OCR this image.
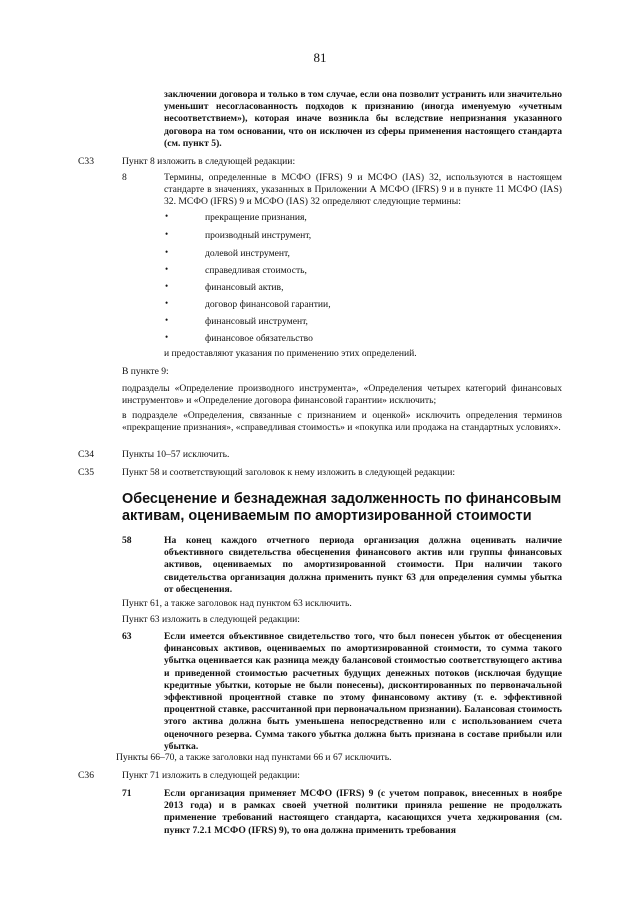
81
заключении договора и только в том случае, если она позволит устранить или значительно уменьшит несогласованность подходов к признанию (иногда именуемую «учетным несоответствием»), которая иначе возникла бы вследствие непризнания указанного договора на том основании, что он исключен из сферы применения настоящего стандарта (см. пункт 5).
C33	Пункт 8 изложить в следующей редакции:
8	Термины, определенные в МСФО (IFRS) 9 и МСФО (IAS) 32, используются в настоящем стандарте в значениях, указанных в Приложении А МСФО (IFRS) 9 и в пункте 11 МСФО (IAS) 32. МСФО (IFRS) 9 и МСФО (IAS) 32 определяют следующие термины:
•	прекращение признания,
•	производный инструмент,
•	долевой инструмент,
•	справедливая стоимость,
•	финансовый актив,
•	договор финансовой гарантии,
•	финансовый инструмент,
•	финансовое обязательство
и предоставляют указания по применению этих определений.
В пункте 9:
подразделы «Определение производного инструмента», «Определения четырех категорий финансовых инструментов» и «Определение договора финансовой гарантии» исключить;
в подразделе «Определения, связанные с признанием и оценкой» исключить определения терминов «прекращение признания», «справедливая стоимость» и «покупка или продажа на стандартных условиях».
C34	Пункты 10–57 исключить.
C35	Пункт 58 и соответствующий заголовок к нему изложить в следующей редакции:
Обесценение и безнадежная задолженность по финансовым
активам, оцениваемым по амортизированной стоимости
58	На конец каждого отчетного периода организация должна оценивать наличие объективного свидетельства обесценения финансового актив или группы финансовых активов, оцениваемых по амортизированной стоимости. При наличии такого свидетельства организация должна применить пункт 63 для определения суммы убытка от обесценения.
Пункт 61, а также заголовок над пунктом 63 исключить.
Пункт 63 изложить в следующей редакции:
63	Если имеется объективное свидетельство того, что был понесен убыток от обесценения финансовых активов, оцениваемых по амортизированной стоимости, то сумма такого убытка оценивается как разница между балансовой стоимостью соответствующего актива и приведенной стоимостью расчетных будущих денежных потоков (исключая будущие кредитные убытки, которые не были понесены), дисконтированных по первоначальной эффективной процентной ставке по этому финансовому активу (т. е. эффективной процентной ставке, рассчитанной при первоначальном признании). Балансовая стоимость этого актива должна быть уменьшена непосредственно или с использованием счета оценочного резерва. Сумма такого убытка должна быть признана в составе прибыли или убытка.
Пункты 66–70, а также заголовки над пунктами 66 и 67 исключить.
C36	Пункт 71 изложить в следующей редакции:
71	Если организация применяет МСФО (IFRS) 9 (с учетом поправок, внесенных в ноябре 2013 года) и в рамках своей учетной политики приняла решение не продолжать применение требований настоящего стандарта, касающихся учета хеджирования (см. пункт 7.2.1 МСФО (IFRS) 9), то она должна применить требования
